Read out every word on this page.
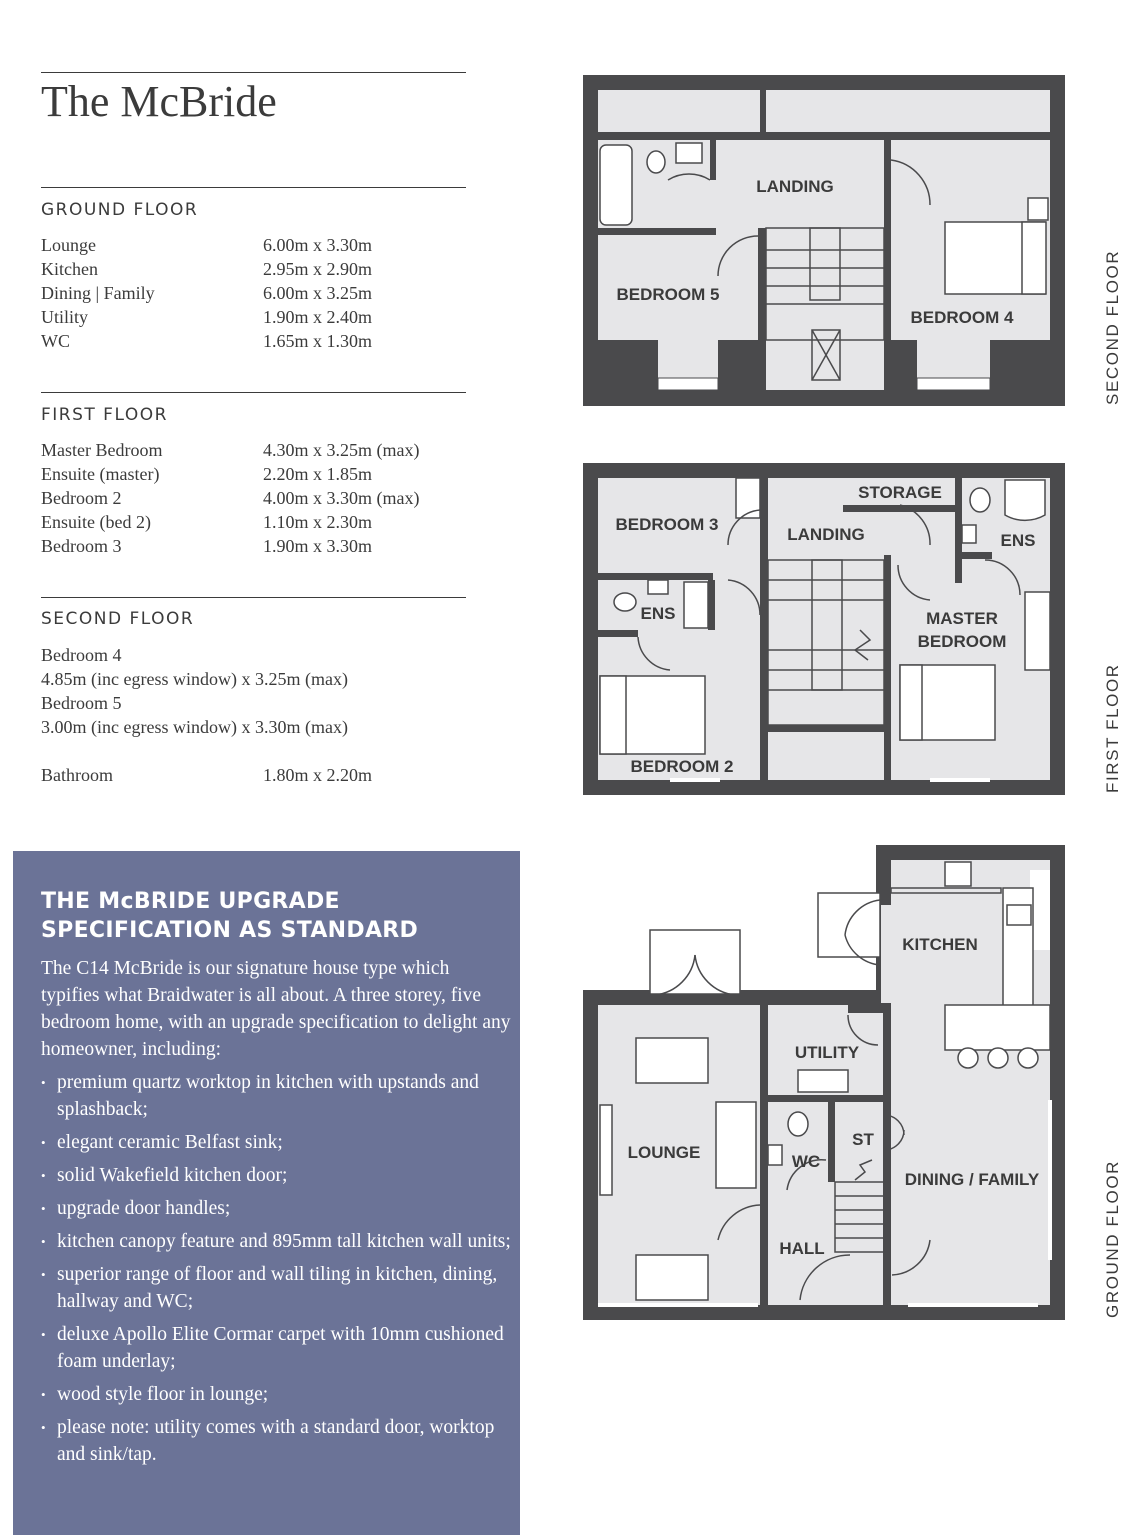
The McBride
GROUND FLOOR
Lounge	6.00m x 3.30m
Kitchen	2.95m x 2.90m
Dining | Family	6.00m x 3.25m
Utility	1.90m x 2.40m
WC	1.65m x 1.30m
FIRST FLOOR
Master Bedroom	4.30m x 3.25m (max)
Ensuite (master)	2.20m x 1.85m
Bedroom 2	4.00m x 3.30m (max)
Ensuite (bed 2)	1.10m x 2.30m
Bedroom 3	1.90m x 3.30m
SECOND FLOOR
Bedroom 4
4.85m (inc egress window) x 3.25m (max)
Bedroom 5
3.00m (inc egress window) x 3.30m (max)
Bathroom	1.80m x 2.20m
THE McBRIDE UPGRADE
SPECIFICATION AS STANDARD
The C14 McBride is our signature house type which typifies what Braidwater is all about. A three storey, five bedroom home, with an upgrade specification to delight any homeowner, including:
• premium quartz worktop in kitchen with upstands and splashback;
• elegant ceramic Belfast sink;
• solid Wakefield kitchen door;
• upgrade door handles;
• kitchen canopy feature and 895mm tall kitchen wall units;
• superior range of floor and wall tiling in kitchen, dining, hallway and WC;
• deluxe Apollo Elite Cormar carpet with 10mm cushioned foam underlay;
• wood style floor in lounge;
• please note: utility comes with a standard door, worktop and sink/tap.
LANDING
BEDROOM 5
BEDROOM 4
BEDROOM 3
LANDING
STORAGE
ENS
ENS	MASTER
BEDROOM
BEDROOM 2
KITCHEN
UTILITY
LOUNGE	WC
ST
DINING / FAMILY
HALL
SECOND FLOOR
FIRST FLOOR
GROUND FLOOR
